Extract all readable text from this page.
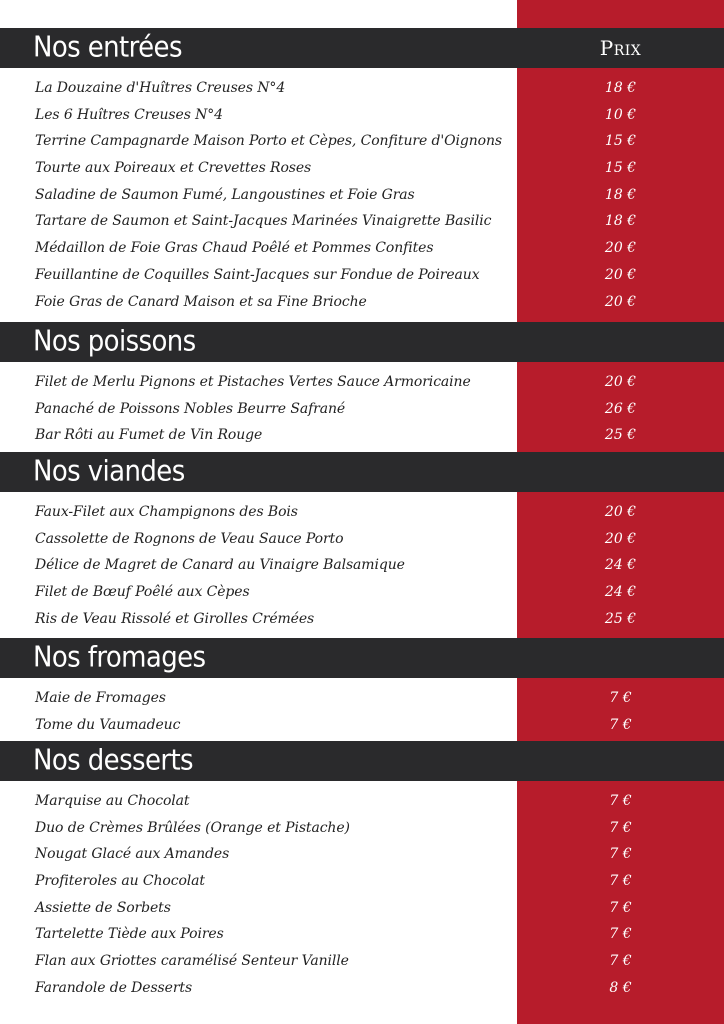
Nos entrées	Prix
La Douzaine d'Huîtres Creuses N°4	18 €
Les 6 Huîtres Creuses N°4	10 €
Terrine Campagnarde Maison Porto et Cèpes, Confiture d'Oignons	15 €
Tourte aux Poireaux et Crevettes Roses	15 €
Saladine de Saumon Fumé, Langoustines et Foie Gras	18 €
Tartare de Saumon et Saint-Jacques Marinées Vinaigrette Basilic	18 €
Médaillon de Foie Gras Chaud Poêlé et Pommes Confites	20 €
Feuillantine de Coquilles Saint-Jacques sur Fondue de Poireaux	20 €
Foie Gras de Canard Maison et sa Fine Brioche	20 €
Nos poissons
Filet de Merlu Pignons et Pistaches Vertes Sauce Armoricaine	20 €
Panaché de Poissons Nobles Beurre Safrané	26 €
Bar Rôti au Fumet de Vin Rouge	25 €
Nos viandes
Faux-Filet aux Champignons des Bois	20 €
Cassolette de Rognons de Veau Sauce Porto	20 €
Délice de Magret de Canard au Vinaigre Balsamique	24 €
Filet de Bœuf Poêlé aux Cèpes	24 €
Ris de Veau Rissolé et Girolles Crémées	25 €
Nos fromages
Maie de Fromages	7 €
Tome du Vaumadeuc	7 €
Nos desserts
Marquise au Chocolat	7 €
Duo de Crèmes Brûlées (Orange et Pistache)	7 €
Nougat Glacé aux Amandes	7 €
Profiteroles au Chocolat	7 €
Assiette de Sorbets	7 €
Tartelette Tiède aux Poires	7 €
Flan aux Griottes caramélisé Senteur Vanille	7 €
Farandole de Desserts	8 €
